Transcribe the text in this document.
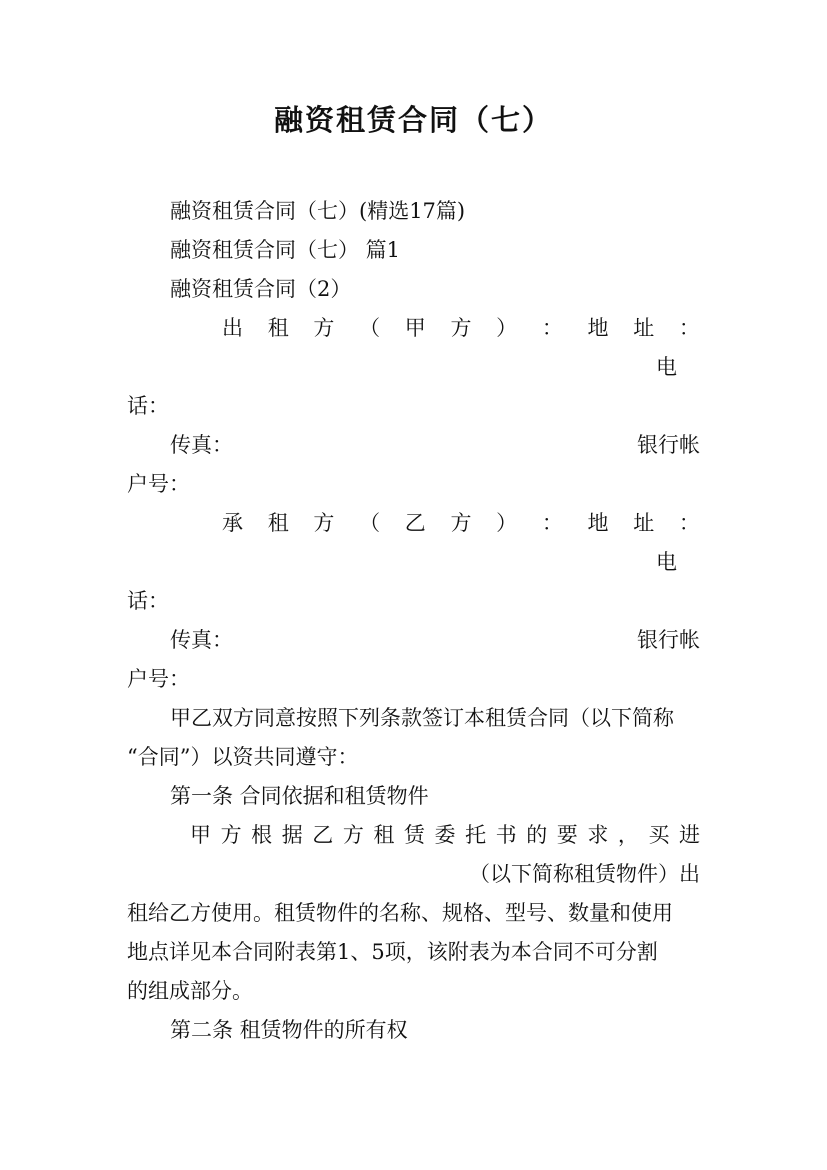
融资租赁合同（七）
融资租赁合同（七）(精选17篇)
融资租赁合同（七） 篇1
融资租赁合同（2）
出 租 方 （ 甲 方 ） ： 地 址 ：
电
话：
传真：	银行帐
户号：
承 租 方 （ 乙 方 ） ： 地 址 ：
电
话：
传真：	银行帐
户号：
甲乙双方同意按照下列条款签订本租赁合同（以下简称
“合同”）以资共同遵守：
第一条 合同依据和租赁物件
甲 方 根 据 乙 方 租 赁 委 托 书 的 要 求 ， 买 进
（以下简称租赁物件）出
租给乙方使用。租赁物件的名称、规格、型号、数量和使用
地点详见本合同附表第1、5项，该附表为本合同不可分割
的组成部分。
第二条 租赁物件的所有权
